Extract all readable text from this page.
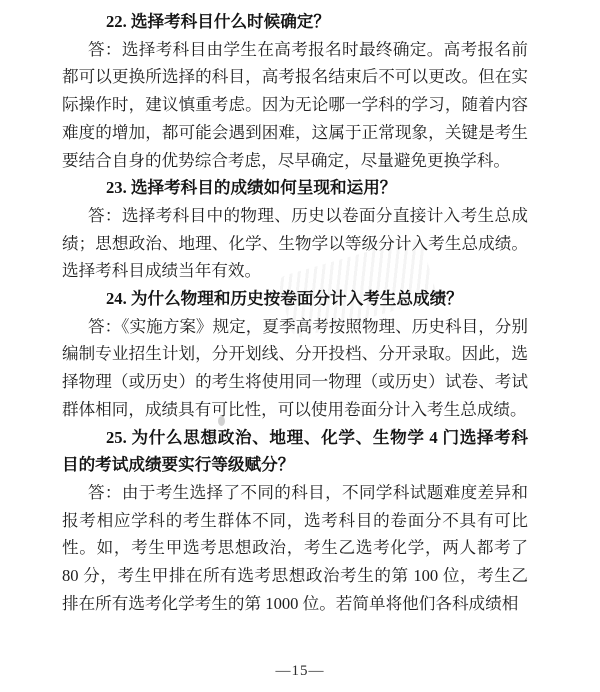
22. 选择考科目什么时候确定？

答：选择考科目由学生在高考报名时最终确定。高考报名前都可以更换所选择的科目，高考报名结束后不可以更改。但在实际操作时，建议慎重考虑。因为无论哪一学科的学习，随着内容难度的增加，都可能会遇到困难，这属于正常现象，关键是考生要结合自身的优势综合考虑，尽早确定，尽量避免更换学科。

23. 选择考科目的成绩如何呈现和运用？

答：选择考科目中的物理、历史以卷面分直接计入考生总成绩；思想政治、地理、化学、生物学以等级分计入考生总成绩。选择考科目成绩当年有效。

24. 为什么物理和历史按卷面分计入考生总成绩？

答：《实施方案》规定，夏季高考按照物理、历史科目，分别编制专业招生计划，分开划线、分开投档、分开录取。因此，选择物理（或历史）的考生将使用同一物理（或历史）试卷、考试群体相同，成绩具有可比性，可以使用卷面分计入考生总成绩。

25. 为什么思想政治、地理、化学、生物学 4 门选择考科目的考试成绩要实行等级赋分？

答：由于考生选择了不同的科目，不同学科试题难度差异和报考相应学科的考生群体不同，选考科目的卷面分不具有可比性。如，考生甲选考思想政治，考生乙选考化学，两人都考了 80 分，考生甲排在所有选考思想政治考生的第 100 位，考生乙排在所有选考化学考生的第 1000 位。若简单将他们各科成绩相

—15—
